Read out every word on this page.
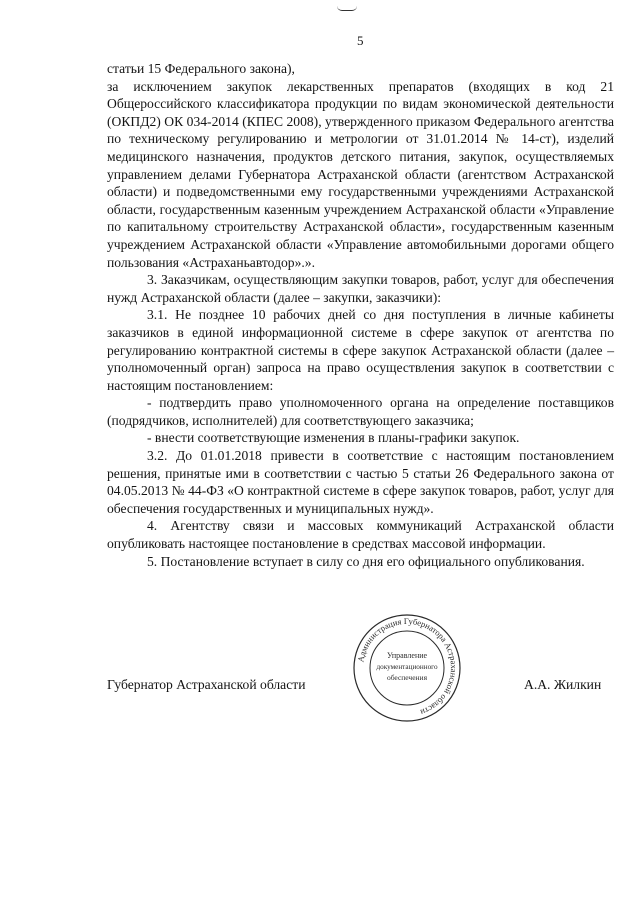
5

статьи 15 Федерального закона),

за исключением закупок лекарственных препаратов (входящих в код 21 Общероссийского классификатора продукции по видам экономической деятельности (ОКПД2) ОК 034-2014 (КПЕС 2008), утвержденного приказом Федерального агентства по техническому регулированию и метрологии от 31.01.2014 № 14-ст), изделий медицинского назначения, продуктов детского питания, закупок, осуществляемых управлением делами Губернатора Астраханской области (агентством Астраханской области) и подведомственными ему государственными учреждениями Астраханской области, государственным казенным учреждением Астраханской области «Управление по капитальному строительству Астраханской области», государственным казенным учреждением Астраханской области «Управление автомобильными дорогами общего пользования «Астраханьавтодор».».

3. Заказчикам, осуществляющим закупки товаров, работ, услуг для обеспечения нужд Астраханской области (далее – закупки, заказчики):

3.1. Не позднее 10 рабочих дней со дня поступления в личные кабинеты заказчиков в единой информационной системе в сфере закупок от агентства по регулированию контрактной системы в сфере закупок Астраханской области (далее – уполномоченный орган) запроса на право осуществления закупок в соответствии с настоящим постановлением:

- подтвердить право уполномоченного органа на определение поставщиков (подрядчиков, исполнителей) для соответствующего заказчика;

- внести соответствующие изменения в планы-графики закупок.

3.2. До 01.01.2018 привести в соответствие с настоящим постановлением решения, принятые ими в соответствии с частью 5 статьи 26 Федерального закона от 04.05.2013 № 44-ФЗ «О контрактной системе в сфере закупок товаров, работ, услуг для обеспечения государственных и муниципальных нужд».

4. Агентству связи и массовых коммуникаций Астраханской области опубликовать настоящее постановление в средствах массовой информации.

5. Постановление вступает в силу со дня его официального опубликования.

Администрация Губернатора Астраханской области
Управление
документационного
обеспечения
Губернатор Астраханской области	А.А. Жилкин
